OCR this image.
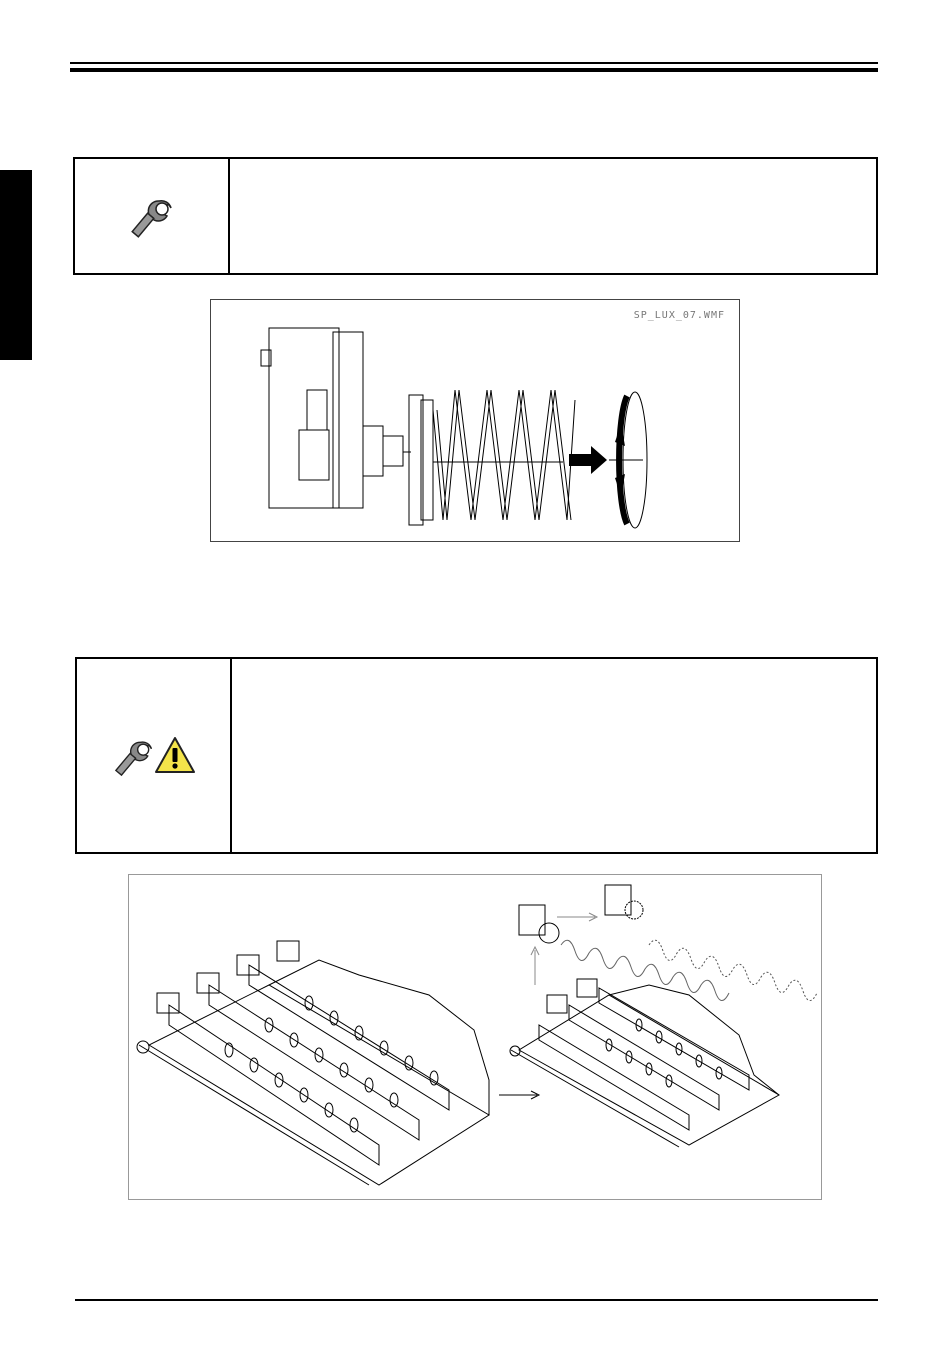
SP_LUX_07.WMF
